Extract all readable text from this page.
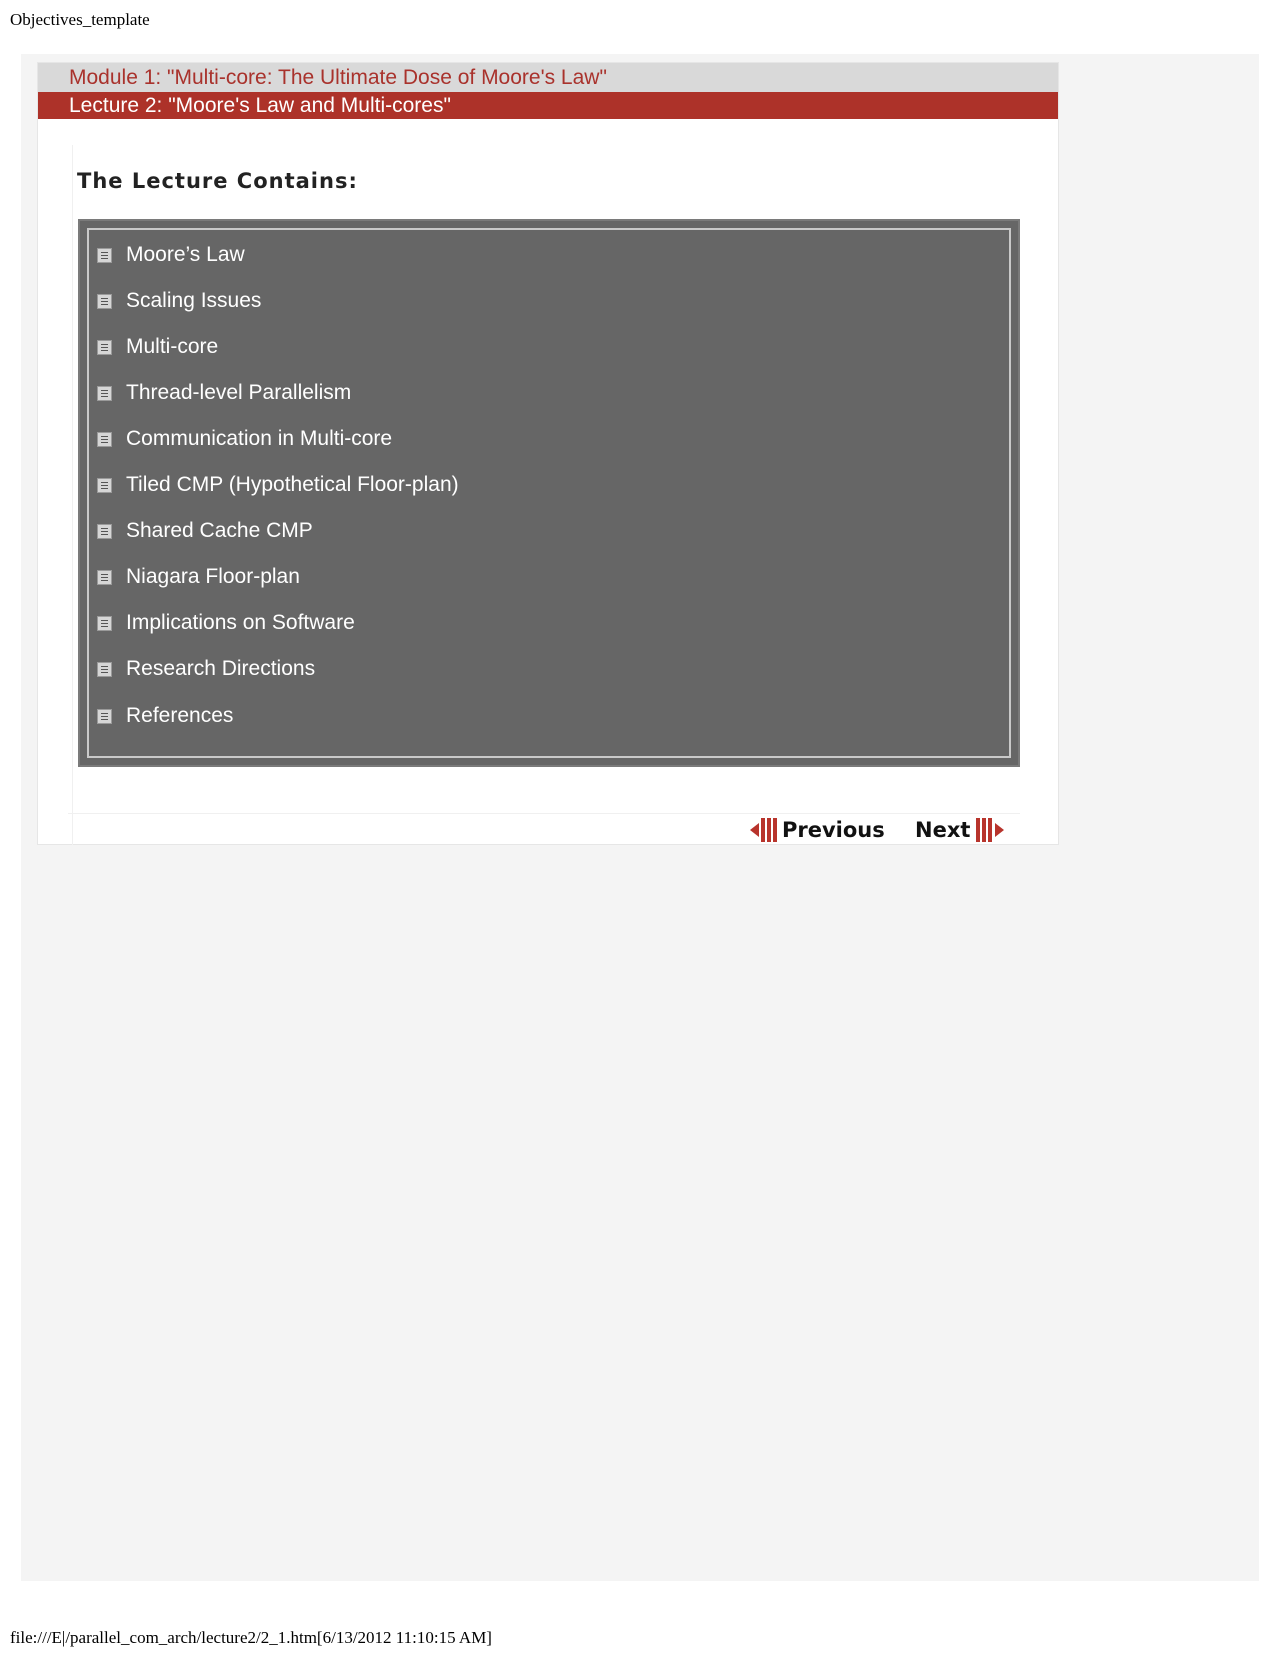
Objectives_template
Module 1: "Multi-core: The Ultimate Dose of Moore's Law"
Lecture 2: "Moore's Law and Multi-cores"
The Lecture Contains:
Moore’s Law
Scaling Issues
Multi-core
Thread-level Parallelism
Communication in Multi-core
Tiled CMP (Hypothetical Floor-plan)
Shared Cache CMP
Niagara Floor-plan
Implications on Software
Research Directions
References
Previous Next
file:///E|/parallel_com_arch/lecture2/2_1.htm[6/13/2012 11:10:15 AM]
